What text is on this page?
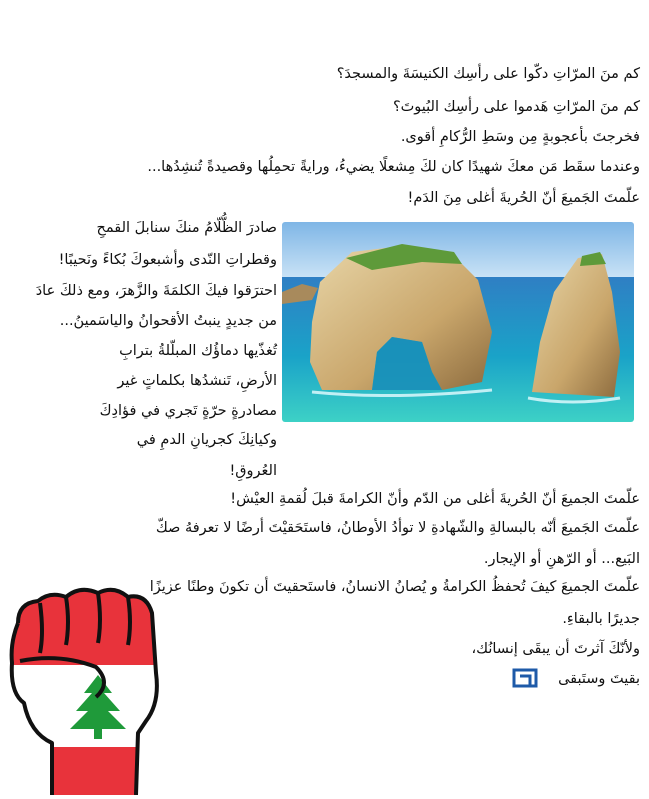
كم منَ المرّاتِ دكّوا على رأسِك الكنيسَةَ والمسجدَ؟
كم منَ المرّاتِ هَدموا على رأسِك البُيوتَ؟
فخرجتَ بأعجوبةٍ مِن وسَطِ الرُّكامِ أقوى.
وعندما سقَط مَن معكَ شهيدًا كان لكَ مِشعلًا يضيءُ، ورايةً تحمِلُها وقصيدةً تُنشِدُها...
علّمتَ الجَميعَ أنّ الحُريةَ أغلى مِنَ الدَم!
صادرَ الظُّلّامُ منكَ سنابلَ القمحِ
وقطراتِ النّدى وأشبعوكَ بُكاءً ونَحيبًا!
احترَقوا فيكَ الكلمَةَ والزَّهرَ، ومع ذلكَ عادَ
من جديدٍ ينبتُ الأقحوانُ والياسَمينُ...
تُغذّيها دماؤُك المبلّلةُ بترابِ
الأرضِ، تَنشدُها بكلماتٍ غير
مصادرةٍ حرّةٍ تَجري في فؤادِكَ
وكيانِكَ كجريانِ الدمِ في
العُروقِ!
علّمتَ الجميعَ أنّ الحُريةَ أغلى من الدّم وأنّ الكرامةَ قبلَ لُقمةِ العيْش!
علّمتَ الجَميعَ أنّه بالبسالةِ والشّهادةِ لا توأدُ الأوطانُ، فاستَحَقيْتَ أرضًا لا تعرفهُ صكّ
البَيع... أو الرّهنِ أو الإيجار.
علّمتَ الجميعَ كيفَ تُحفظُ الكرامةُ و يُصانُ الانسانُ، فاستَحقيتَ أن تكونَ وطنًا عزيزًا
جديرًا بالبقاءِ.
ولأنّكَ آثرتَ أن يبقَى إنسانُك،
بقيتَ وستَبقى
